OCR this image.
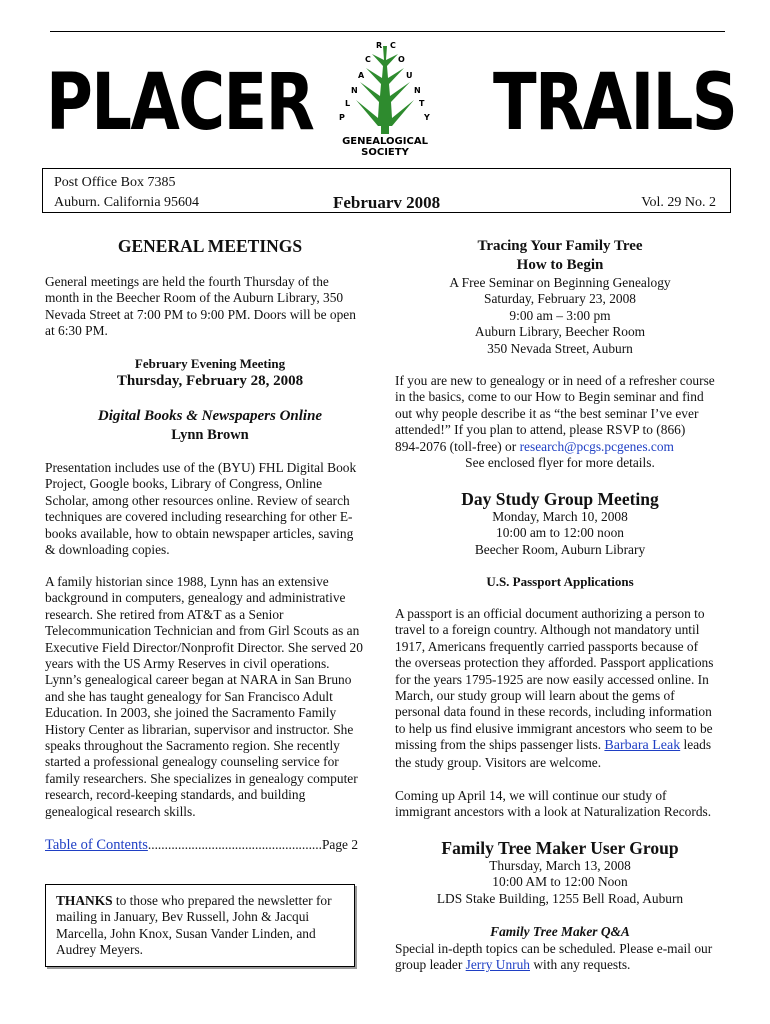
PLACER TRAILS
R C
C	O
A	U
N	N
L	T
P	Y
GENEALOGICAL
SOCIETY
Post Office Box 7385
Auburn. California 95604	Februarv 2008	Vol. 29 No. 2
GENERAL MEETINGS
General meetings are held the fourth Thursday of the
month in the Beecher Room of the Auburn Library, 350
Nevada Street at 7:00 PM to 9:00 PM. Doors will be open
at 6:30 PM.
February Evening Meeting
Thursday, February 28, 2008
Digital Books & Newspapers Online
Lynn Brown
Presentation includes use of the (BYU) FHL Digital Book
Project, Google books, Library of Congress, Online
Scholar, among other resources online. Review of search
techniques are covered including researching for other E-
books available, how to obtain newspaper articles, saving
& downloading copies.
A family historian since 1988, Lynn has an extensive
background in computers, genealogy and administrative
research. She retired from AT&T as a Senior
Telecommunication Technician and from Girl Scouts as an
Executive Field Director/Nonprofit Director. She served 20
years with the US Army Reserves in civil operations.
Lynn’s genealogical career began at NARA in San Bruno
and she has taught genealogy for San Francisco Adult
Education. In 2003, she joined the Sacramento Family
History Center as librarian, supervisor and instructor. She
speaks throughout the Sacramento region. She recently
started a professional genealogy counseling service for
family researchers. She specializes in genealogy computer
research, record-keeping standards, and building
genealogical research skills.
Table of Contents....................................................Page 2
THANKS to those who prepared the newsletter for
mailing in January, Bev Russell, John & Jacqui
Marcella, John Knox, Susan Vander Linden, and
Audrey Meyers.
Tracing Your Family Tree
How to Begin
A Free Seminar on Beginning Genealogy
Saturday, February 23, 2008
9:00 am – 3:00 pm
Auburn Library, Beecher Room
350 Nevada Street, Auburn
If you are new to genealogy or in need of a refresher course
in the basics, come to our How to Begin seminar and find
out why people describe it as “the best seminar I’ve ever
attended!” If you plan to attend, please RSVP to (866)
894-2076 (toll-free) or research@pcgs.pcgenes.com
See enclosed flyer for more details.
Day Study Group Meeting
Monday, March 10, 2008
10:00 am to 12:00 noon
Beecher Room, Auburn Library
U.S. Passport Applications
A passport is an official document authorizing a person to
travel to a foreign country. Although not mandatory until
1917, Americans frequently carried passports because of
the overseas protection they afforded. Passport applications
for the years 1795-1925 are now easily accessed online. In
March, our study group will learn about the gems of
personal data found in these records, including information
to help us find elusive immigrant ancestors who seem to be
missing from the ships passenger lists. Barbara Leak leads
the study group. Visitors are welcome.
Coming up April 14, we will continue our study of
immigrant ancestors with a look at Naturalization Records.
Family Tree Maker User Group
Thursday, March 13, 2008
10:00 AM to 12:00 Noon
LDS Stake Building, 1255 Bell Road, Auburn
Family Tree Maker Q&A
Special in-depth topics can be scheduled. Please e-mail our
group leader Jerry Unruh with any requests.
